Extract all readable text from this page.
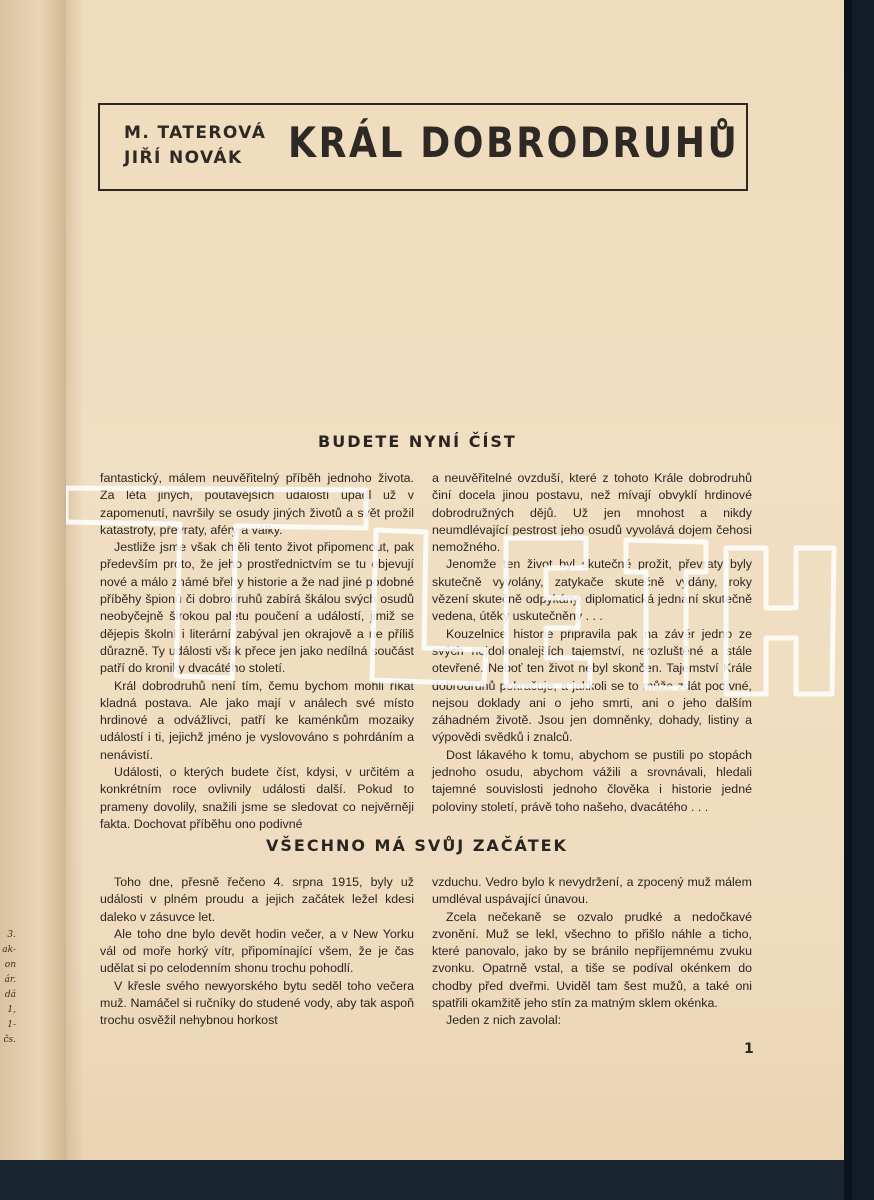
3.
ak-
on
ár.
dá
1,
1-
čs.
M. TATEROVÁ
JIŘÍ NOVÁK	KRÁL DOBRODRUHŮ
BUDETE NYNÍ ČÍST

fantastický, málem neuvěřitelný příběh jednoho života. Za léta jiných, poutavějších událostí upadl už v zapomenutí, navršily se osudy jiných životů a svět prožil katastrofy, převraty, aféry a války.

Jestliže jsme však chtěli tento život připomenout, pak především proto, že jeho prostřednictvím se tu objevují nové a málo známé břehy historie a že nad jiné podobné příběhy špionů či dobrodruhů zabírá škálou svých osudů neobyčejně širokou paletu poučení a událostí, jimiž se dějepis školní i literární zabýval jen okrajově a ne příliš důrazně. Ty události však přece jen jako nedílná součást patří do kroniky dvacátého století.

Král dobrodruhů není tím, čemu bychom mohli říkat kladná postava. Ale jako mají v análech své místo hrdinové a odvážlivci, patří ke kaménkům mozaiky událostí i ti, jejichž jméno je vyslovováno s pohrdáním a nenávistí.

Události, o kterých budete číst, kdysi, v určitém a konkrétním roce ovlivnily události další. Pokud to prameny dovolily, snažili jsme se sledovat co nejvěrněji fakta. Dochovat příběhu ono podivné

a neuvěřitelné ovzduší, které z tohoto Krále dobrodruhů činí docela jinou postavu, než mívají obvyklí hrdinové dobrodružných dějů. Už jen mnohost a nikdy neumdlévající pestrost jeho osudů vyvolává dojem čehosi nemožného.

Jenomže ten život byl skutečně prožit, převraty byly skutečně vyvolány, zatykače skutečně vydány, roky vězení skutečně odpykány, diplomatická jednání skutečně vedena, útěky uskutečněny . . .

Kouzelnice historie připravila pak na závěr jedno ze svých nejdokonalejších tajemství, nerozluštěné a stále otevřené. Neboť ten život nebyl skončen. Tajemství Krále dobrodruhů pokračuje, a jakkoli se to může zdát podivné, nejsou doklady ani o jeho smrti, ani o jeho dalším záhadném životě. Jsou jen domněnky, dohady, listiny a výpovědi svědků i znalců.

Dost lákavého k tomu, abychom se pustili po stopách jednoho osudu, abychom vážili a srovnávali, hledali tajemné souvislosti jednoho člověka i historie jedné poloviny století, právě toho našeho, dvacátého . . .

VŠECHNO MÁ SVŮJ ZAČÁTEK

Toho dne, přesně řečeno 4. srpna 1915, byly už události v plném proudu a jejich začátek ležel kdesi daleko v zásuvce let.

Ale toho dne bylo devět hodin večer, a v New Yorku vál od moře horký vítr, připomínající všem, že je čas udělat si po celodenním shonu trochu pohodlí.

V křesle svého newyorského bytu seděl toho večera muž. Namáčel si ručníky do studené vody, aby tak aspoň trochu osvěžil nehybnou horkost

vzduchu. Vedro bylo k nevydržení, a zpocený muž málem umdléval uspávající únavou.

Zcela nečekaně se ozvalo prudké a nedočkavé zvonění. Muž se lekl, všechno to přišlo náhle a ticho, které panovalo, jako by se bránilo nepříjemnému zvuku zvonku. Opatrně vstal, a tiše se podíval okénkem do chodby před dveřmi. Uviděl tam šest mužů, a také oni spatřili okamžitě jeho stín za matným sklem okénka.

Jeden z nich zavolal:

1
